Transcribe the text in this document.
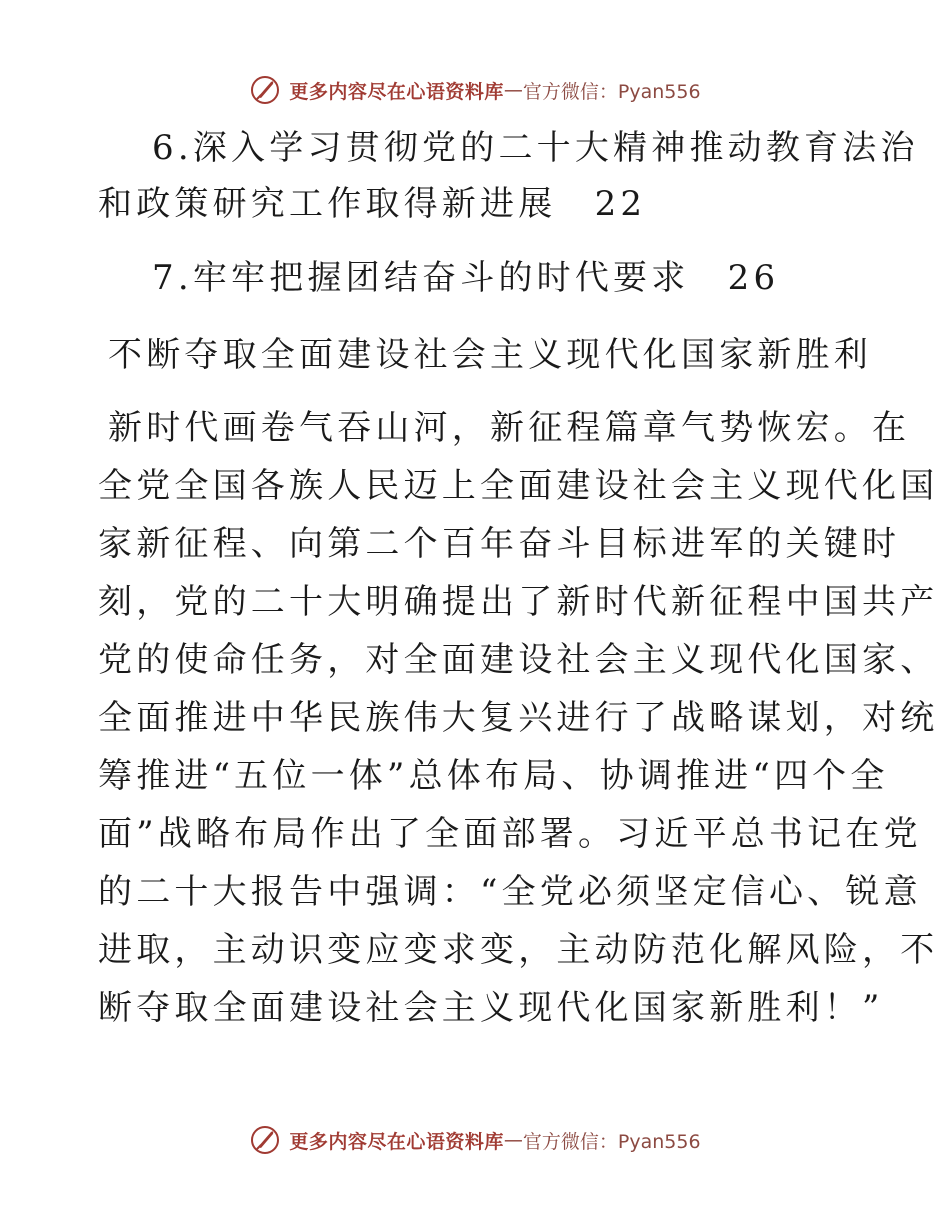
更多内容尽在心语资料库 — 官方微信：Pyan556
6.深入学习贯彻党的二十大精神推动教育法治
和政策研究工作取得新进展　22
7.牢牢把握团结奋斗的时代要求　26
不断夺取全面建设社会主义现代化国家新胜利
新时代画卷气吞山河，新征程篇章气势恢宏。在
全党全国各族人民迈上全面建设社会主义现代化国
家新征程、向第二个百年奋斗目标进军的关键时
刻，党的二十大明确提出了新时代新征程中国共产
党的使命任务，对全面建设社会主义现代化国家、
全面推进中华民族伟大复兴进行了战略谋划，对统
筹推进“五位一体”总体布局、协调推进“四个全
面”战略布局作出了全面部署。习近平总书记在党
的二十大报告中强调：“全党必须坚定信心、锐意
进取，主动识变应变求变，主动防范化解风险，不
断夺取全面建设社会主义现代化国家新胜利！”
更多内容尽在心语资料库 — 官方微信：Pyan556
